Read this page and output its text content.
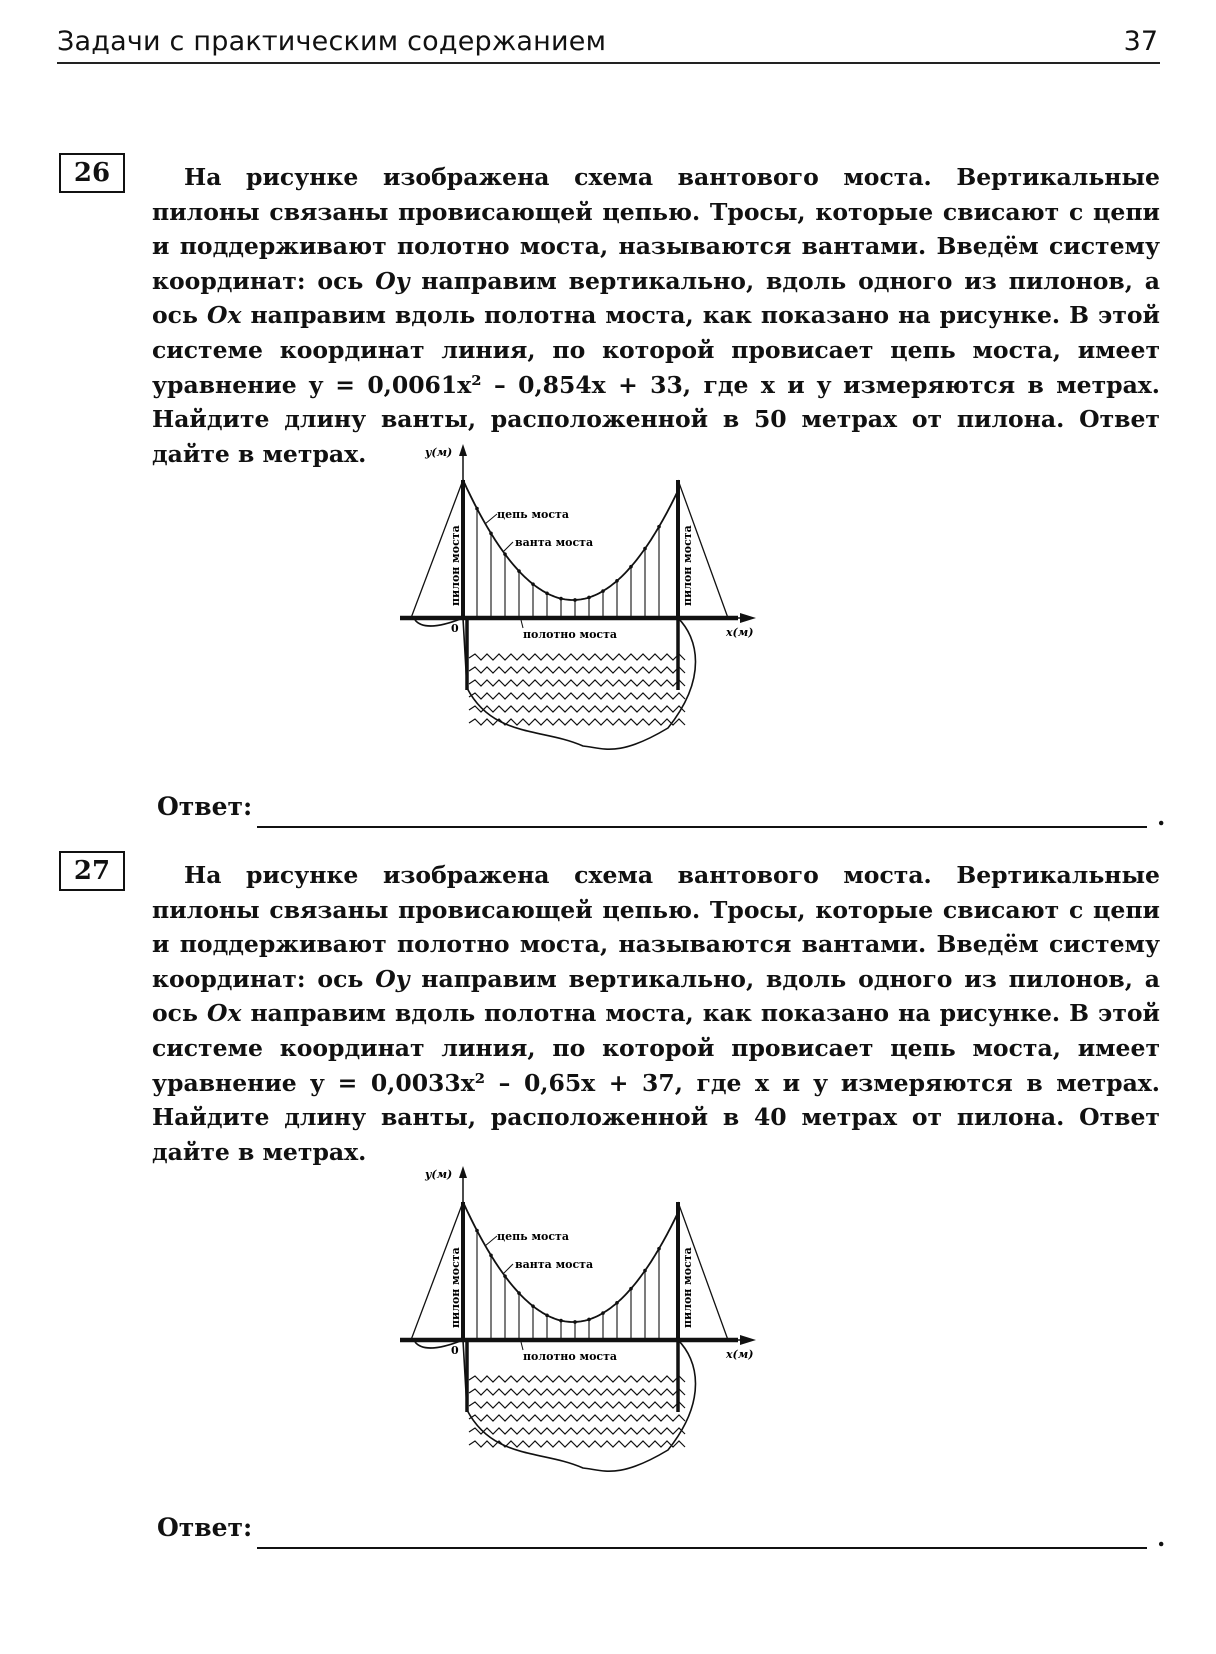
Задачи с практическим содержанием	37
26	На рисунке изображена схема вантового моста. Вертикальные пилоны связаны провисающей цепью. Тросы, которые свисают с цепи и поддерживают полотно моста, называются вантами. Введём систему координат: ось Oy направим вертикально, вдоль одного из пилонов, а ось Ox направим вдоль полотна моста, как показано на рисунке. В этой системе координат линия, по которой провисает цепь моста, имеет уравнение y = 0,0061x² – 0,854x + 33, где x и y измеряются в метрах. Найдите длину ванты, расположенной в 50 метрах от пилона. Ответ дайте в метрах.	y(м)
x(м)
0
цепь моста
ванта моста
полотно моста
пилон моста	пилон моста
Ответ:	.
27	На рисунке изображена схема вантового моста. Вертикальные пилоны связаны провисающей цепью. Тросы, которые свисают с цепи и поддерживают полотно моста, называются вантами. Введём систему координат: ось Oy направим вертикально, вдоль одного из пилонов, а ось Ox направим вдоль полотна моста, как показано на рисунке. В этой системе координат линия, по которой провисает цепь моста, имеет уравнение y = 0,0033x² – 0,65x + 37, где x и y измеряются в метрах. Найдите длину ванты, расположенной в 40 метрах от пилона. Ответ дайте в метрах.

y(м)
x(м)
0
цепь моста
ванта моста
полотно моста
пилон моста	пилон моста
Ответ:	.
